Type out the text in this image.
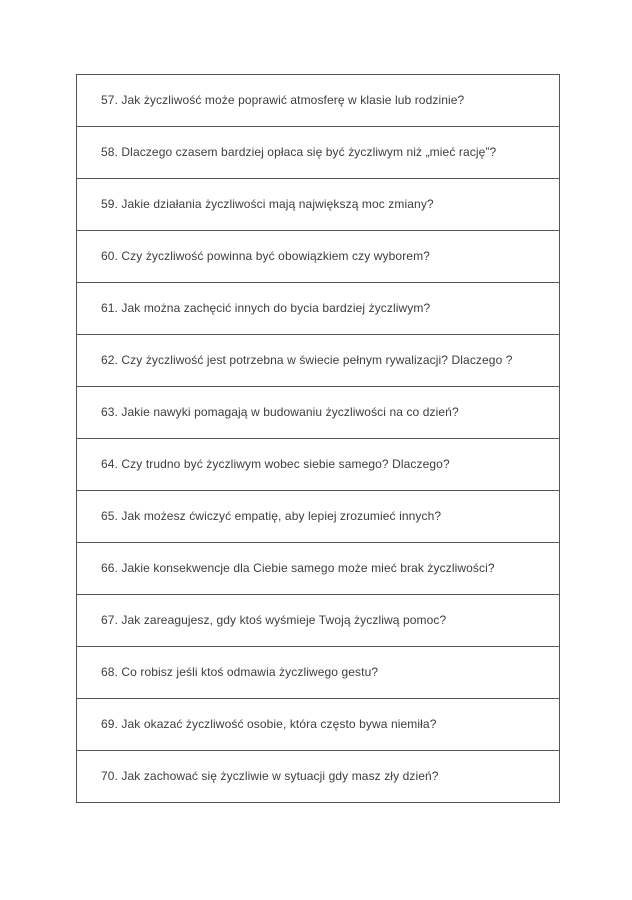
57. Jak życzliwość może poprawić atmosferę w klasie lub rodzinie?
58. Dlaczego czasem bardziej opłaca się być życzliwym niż „mieć rację”?
59. Jakie działania życzliwości mają największą moc zmiany?
60. Czy życzliwość powinna być obowiązkiem czy wyborem?
61. Jak można zachęcić innych do bycia bardziej życzliwym?
62. Czy życzliwość jest potrzebna w świecie pełnym rywalizacji? Dlaczego ?
63. Jakie nawyki pomagają w budowaniu życzliwości na co dzień?
64. Czy trudno być życzliwym wobec siebie samego? Dlaczego?
65. Jak możesz ćwiczyć empatię, aby lepiej zrozumieć innych?
66. Jakie konsekwencje dla Ciebie samego może mieć brak życzliwości?
67. Jak zareagujesz, gdy ktoś wyśmieje Twoją życzliwą pomoc?
68. Co robisz jeśli ktoś odmawia życzliwego gestu?
69. Jak okazać życzliwość osobie, która często bywa niemiła?
70. Jak zachować się życzliwie w sytuacji gdy masz zły dzień?
